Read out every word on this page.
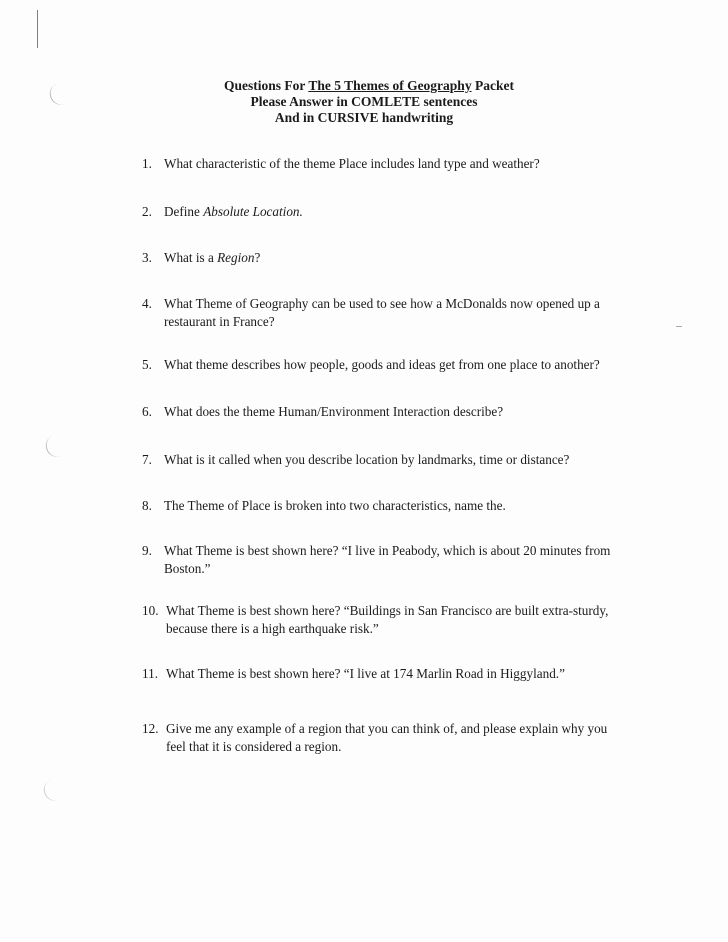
Questions For The 5 Themes of Geography Packet
Please Answer in COMLETE sentences
And in CURSIVE handwriting
1. What characteristic of the theme Place includes land type and weather?
2. Define Absolute Location.
3. What is a Region?
4. What Theme of Geography can be used to see how a McDonalds now opened up a restaurant in France?
5. What theme describes how people, goods and ideas get from one place to another?
6. What does the theme Human/Environment Interaction describe?
7. What is it called when you describe location by landmarks, time or distance?
8. The Theme of Place is broken into two characteristics, name the.
9. What Theme is best shown here? “I live in Peabody, which is about 20 minutes from Boston.”
10. What Theme is best shown here? “Buildings in San Francisco are built extra-sturdy, because there is a high earthquake risk.”
11. What Theme is best shown here? “I live at 174 Marlin Road in Higgyland.”
12. Give me any example of a region that you can think of, and please explain why you feel that it is considered a region.
